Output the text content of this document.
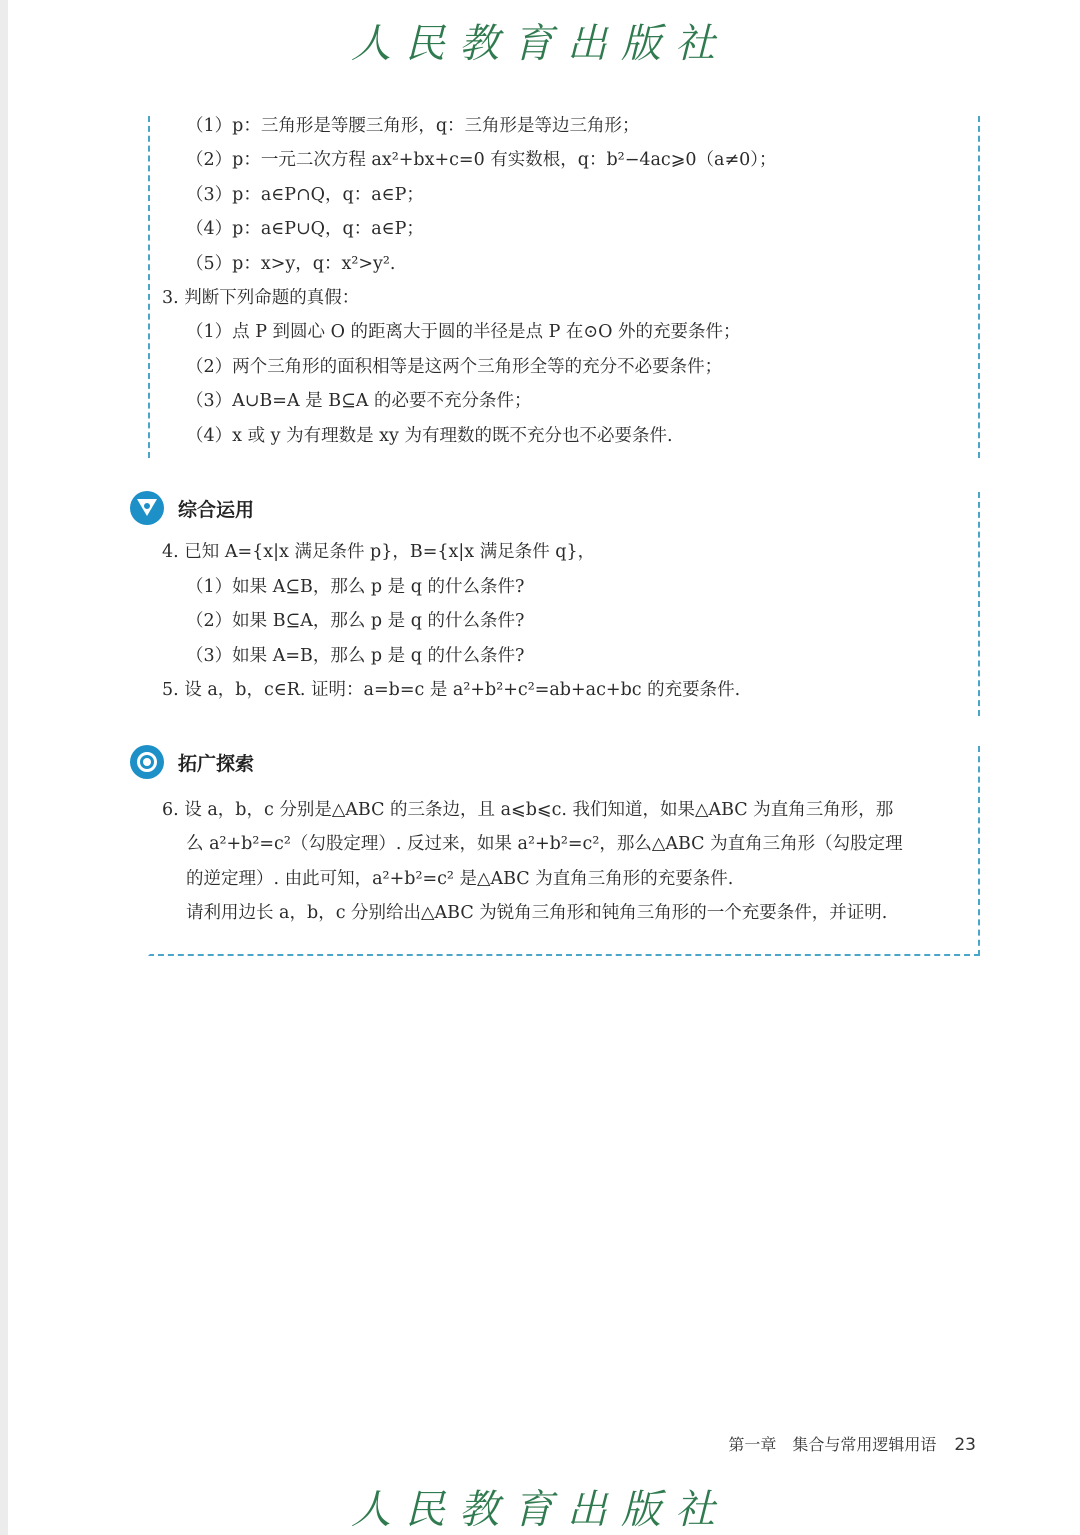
人民教育出版社
（1）p：三角形是等腰三角形，q：三角形是等边三角形；
（2）p：一元二次方程 ax²+bx+c=0 有实数根，q：b²−4ac⩾0（a≠0）；
（3）p：a∈P∩Q，q：a∈P；
（4）p：a∈P∪Q，q：a∈P；
（5）p：x>y，q：x²>y².
3. 判断下列命题的真假：
（1）点 P 到圆心 O 的距离大于圆的半径是点 P 在⊙O 外的充要条件；
（2）两个三角形的面积相等是这两个三角形全等的充分不必要条件；
（3）A∪B=A 是 B⊆A 的必要不充分条件；
（4）x 或 y 为有理数是 xy 为有理数的既不充分也不必要条件.
综合运用
4. 已知 A={x|x 满足条件 p}，B={x|x 满足条件 q}，
（1）如果 A⊆B，那么 p 是 q 的什么条件?
（2）如果 B⊆A，那么 p 是 q 的什么条件?
（3）如果 A=B，那么 p 是 q 的什么条件?
5. 设 a，b，c∈R. 证明：a=b=c 是 a²+b²+c²=ab+ac+bc 的充要条件.
拓广探索
6. 设 a，b，c 分别是△ABC 的三条边，且 a⩽b⩽c. 我们知道，如果△ABC 为直角三角形，那
么 a²+b²=c²（勾股定理）. 反过来，如果 a²+b²=c²，那么△ABC 为直角三角形（勾股定理
的逆定理）. 由此可知，a²+b²=c² 是△ABC 为直角三角形的充要条件.
请利用边长 a，b，c 分别给出△ABC 为锐角三角形和钝角三角形的一个充要条件，并证明.
第一章　集合与常用逻辑用语 23
人民教育出版社
